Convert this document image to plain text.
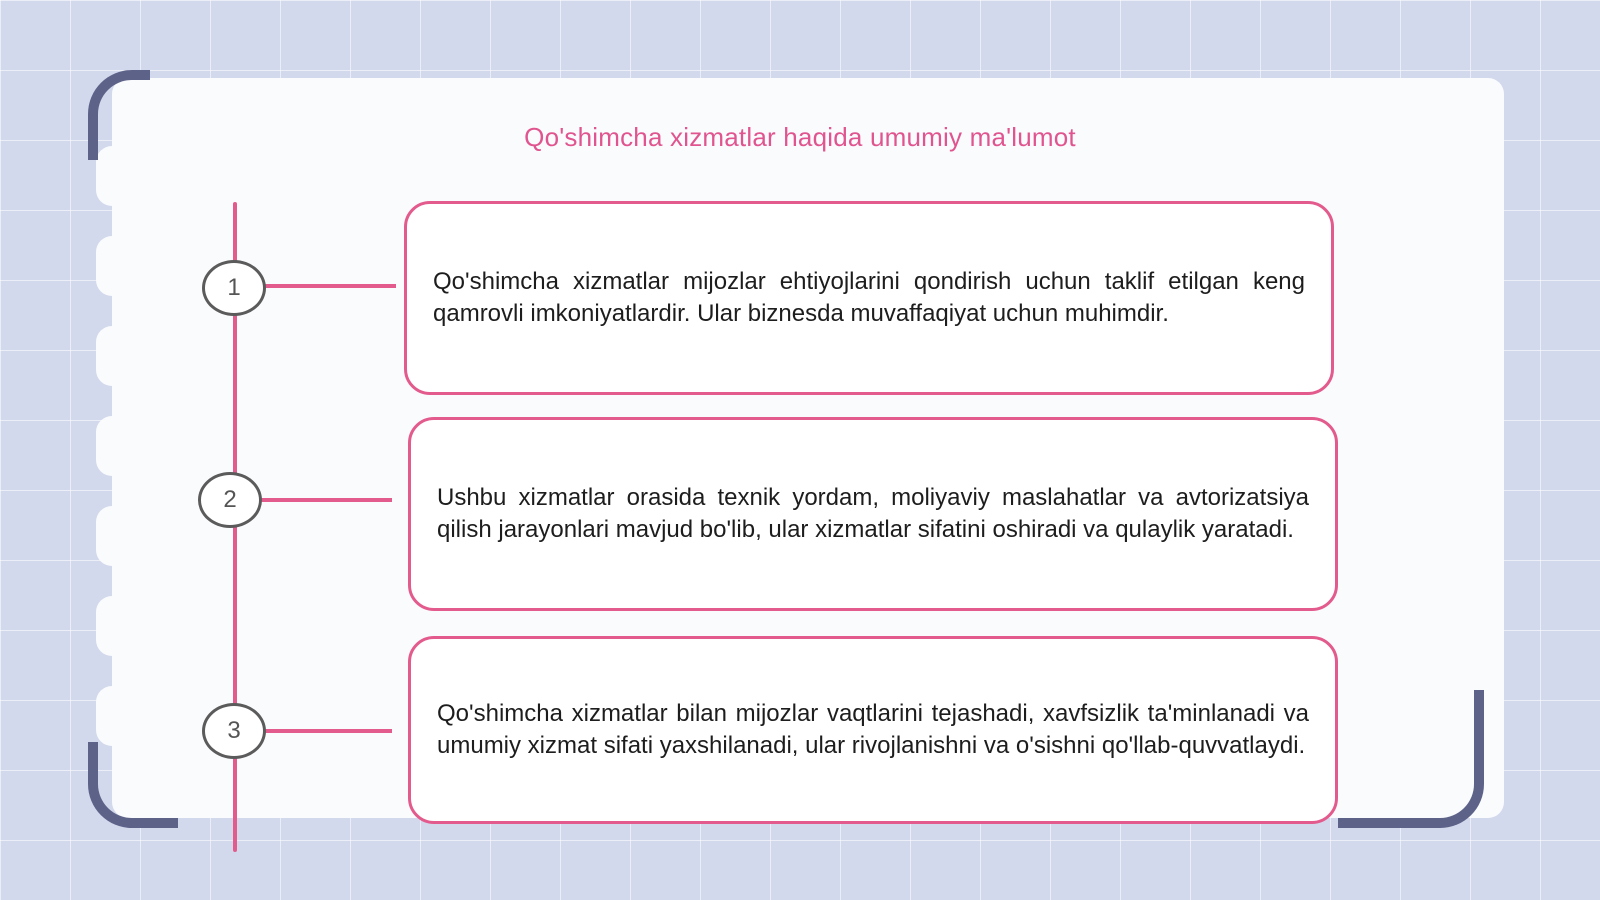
Qo'shimcha xizmatlar haqida umumiy ma'lumot
1	Qo'shimcha xizmatlar mijozlar ehtiyojlarini qondirish uchun taklif etilgan keng qamrovli imkoniyatlardir. Ular biznesda muvaffaqiyat uchun muhimdir.
2	Ushbu xizmatlar orasida texnik yordam, moliyaviy maslahatlar va avtorizatsiya qilish jarayonlari mavjud bo'lib, ular xizmatlar sifatini oshiradi va qulaylik yaratadi.
3
Qo'shimcha xizmatlar bilan mijozlar vaqtlarini tejashadi, xavfsizlik ta'minlanadi va umumiy xizmat sifati yaxshilanadi, ular rivojlanishni va o'sishni qo'llab-quvvatlaydi.
